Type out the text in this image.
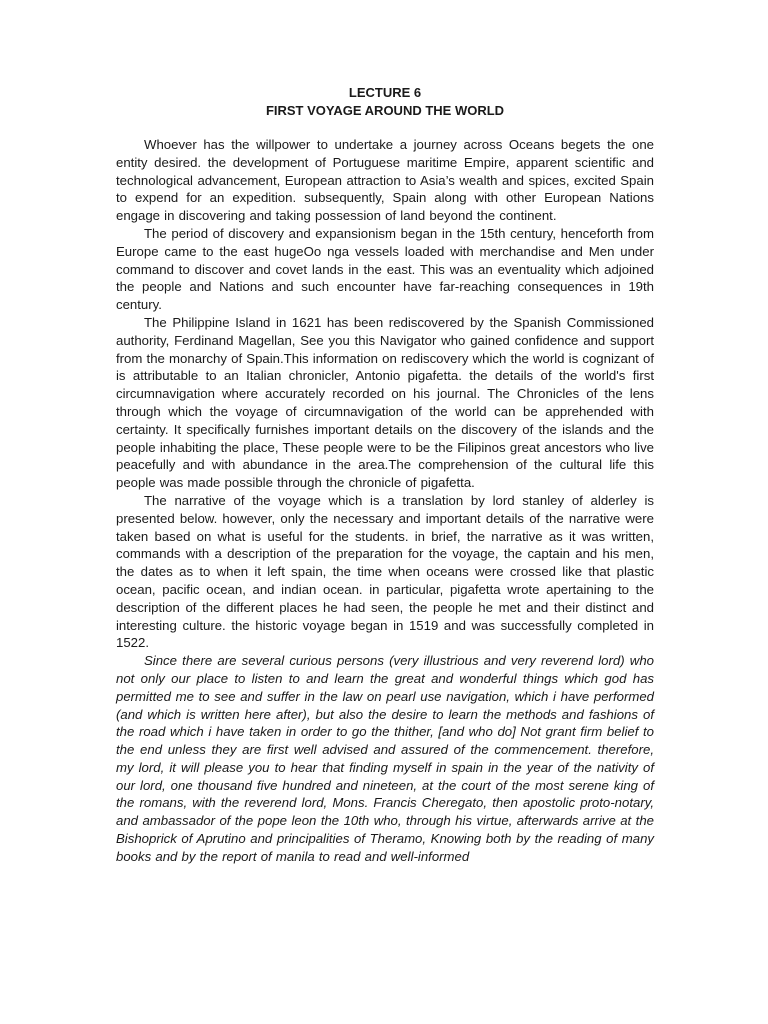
LECTURE 6

FIRST VOYAGE AROUND THE WORLD

Whoever has the willpower to undertake a journey across Oceans begets the one entity desired. the development of Portuguese maritime Empire, apparent scientific and technological advancement, European attraction to Asia’s wealth and spices, excited Spain to expend for an expedition. subsequently, Spain along with other European Nations engage in discovering and taking possession of land beyond the continent.

The period of discovery and expansionism began in the 15th century, henceforth from Europe came to the east hugeOo nga vessels loaded with merchandise and Men under command to discover and covet lands in the east. This was an eventuality which adjoined the people and Nations and such encounter have far-reaching consequences in 19th century.

The Philippine Island in 1621 has been rediscovered by the Spanish Commissioned authority, Ferdinand Magellan, See you this Navigator who gained confidence and support from the monarchy of Spain.This information on rediscovery which the world is cognizant of is attributable to an Italian chronicler, Antonio pigafetta. the details of the world's first circumnavigation where accurately recorded on his journal. The Chronicles of the lens through which the voyage of circumnavigation of the world can be apprehended with certainty. It specifically furnishes important details on the discovery of the islands and the people inhabiting the place, These people were to be the Filipinos great ancestors who live peacefully and with abundance in the area.The comprehension of the cultural life this people was made possible through the chronicle of pigafetta.

The narrative of the voyage which is a translation by lord stanley of alderley is presented below. however, only the necessary and important details of the narrative were taken based on what is useful for the students. in brief, the narrative as it was written, commands with a description of the preparation for the voyage, the captain and his men, the dates as to when it left spain, the time when oceans were crossed like that plastic ocean, pacific ocean, and indian ocean. in particular, pigafetta wrote apertaining to the description of the different places he had seen, the people he met and their distinct and interesting culture. the historic voyage began in 1519 and was successfully completed in 1522.

Since there are several curious persons (very illustrious and very reverend lord) who not only our place to listen to and learn the great and wonderful things which god has permitted me to see and suffer in the law on pearl use navigation, which i have performed (and which is written here after), but also the desire to learn the methods and fashions of the road which i have taken in order to go the thither, [and who do] Not grant firm belief to the end unless they are first well advised and assured of the commencement. therefore, my lord, it will please you to hear that finding myself in spain in the year of the nativity of our lord, one thousand five hundred and nineteen, at the court of the most serene king of the romans, with the reverend lord, Mons. Francis Cheregato, then apostolic proto-notary, and ambassador of the pope leon the 10th who, through his virtue, afterwards arrive at the Bishoprick of Aprutino and principalities of Theramo, Knowing both by the reading of many books and by the report of manila to read and well-informed
